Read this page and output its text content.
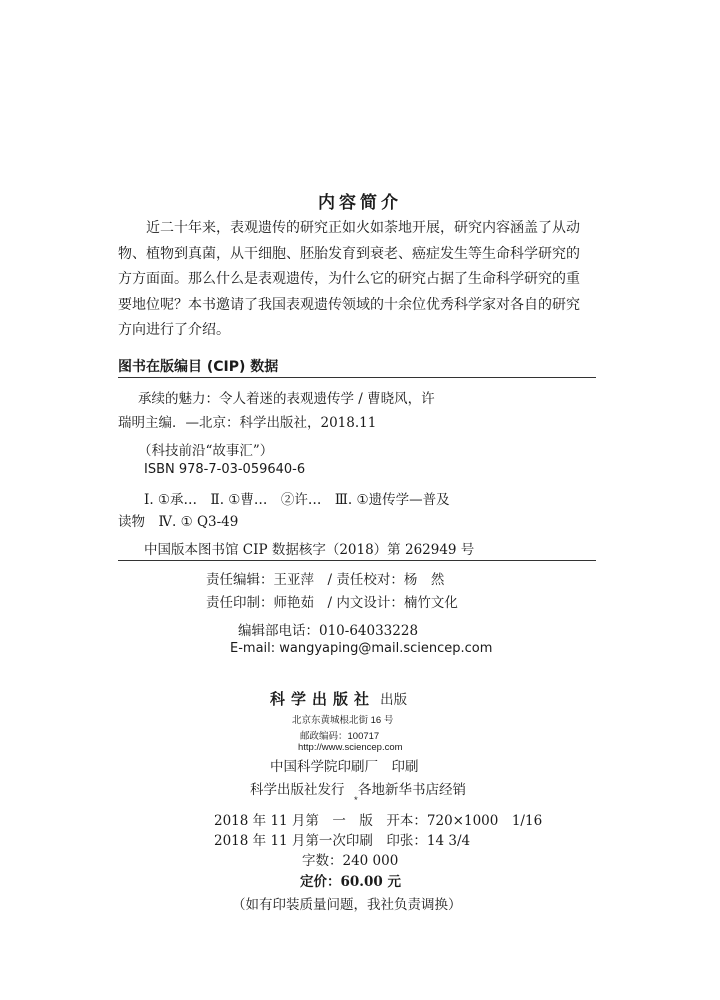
内容简介
近二十年来，表观遗传的研究正如火如荼地开展，研究内容涵盖了从动
物、植物到真菌，从干细胞、胚胎发育到衰老、癌症发生等生命科学研究的
方方面面。那么什么是表观遗传，为什么它的研究占据了生命科学研究的重
要地位呢？本书邀请了我国表观遗传领域的十余位优秀科学家对各自的研究
方向进行了介绍。
图书在版编目 (CIP) 数据
承续的魅力：令人着迷的表观遗传学 / 曹晓风，许
瑞明主编．—北京：科学出版社，2018.11
（科技前沿“故事汇”）
ISBN 978-7-03-059640-6
Ⅰ. ①承…　Ⅱ. ①曹…　②许…　Ⅲ. ①遗传学—普及
读物　Ⅳ. ① Q3-49
中国版本图书馆 CIP 数据核字（2018）第 262949 号
责任编辑：王亚萍　/ 责任校对：杨　然
责任印制：师艳茹　/ 内文设计：楠竹文化
编辑部电话：010-64033228
E-mail: wangyaping@mail.sciencep.com
科学出版社 出版
北京东黄城根北街 16 号
邮政编码：100717
http://www.sciencep.com
中国科学院印刷厂　印刷
科学出版社发行　各地新华书店经销
*
2018 年 11 月第　一　版　开本：720×1000　1/16
2018 年 11 月第一次印刷　印张：14 3/4
字数：240 000
定价：60.00 元
（如有印装质量问题，我社负责调换）
